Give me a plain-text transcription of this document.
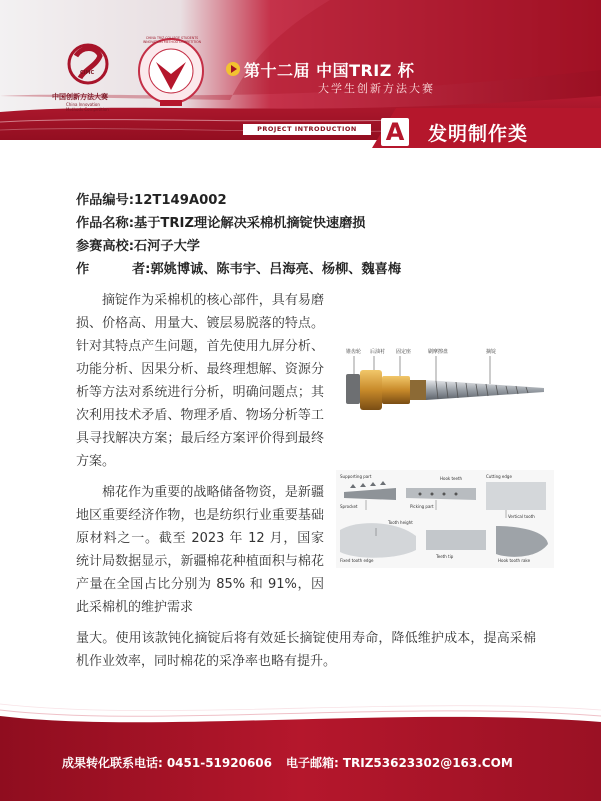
中国创新方法大赛
China Innovation Methods Competition
CIMC
CHINA TRIZ COLLEGE STUDENTS INNOVATION METHOD COMPETITION
第十二届 中国TRIZ 杯
大学生创新方法大赛
PROJECT INTRODUCTION	A 发明制作类
作品编号:12T149A002
作品名称:基于TRIZ理论解决采棉机摘锭快速磨损
参赛高校:石河子大学
作	者:郭姚博诚、陈韦宇、吕海亮、杨柳、魏喜梅
摘锭作为采棉机的核心部件，具有易磨损、价格高、用量大、镀层易脱落的特点。针对其特点产生问题，首先使用九屏分析、功能分析、因果分析、最终理想解、资源分析等方法对系统进行分析，明确问题点；其次利用技术矛盾、物理矛盾、物场分析等工具寻找解决方案；最后经方案评价得到最终方案。
棉花作为重要的战略储备物资，是新疆地区重要经济作物，也是纺织行业重要基础原材料之一。截至 2023 年 12 月，国家统计局数据显示，新疆棉花种植面积与棉花产量在全国占比分别为 85% 和 91%，因此采棉机的维护需求
量大。使用该款钝化摘锭后将有效延长摘锭使用寿命，降低维护成本，提高采棉机作业效率，同时棉花的采净率也略有提升。
锥齿轮 后油衬 固定座	刷摩擦盘	摘锭
Supporting part
Sprocket	Picking part
Hook teeth	Cutting edge
Vertical tooth
Teeth tip
Fixed tooth edge	Hook tooth rake
Tooth height
成果转化联系电话: 0451-51920606 电子邮箱: TRIZ53623302@163.COM
